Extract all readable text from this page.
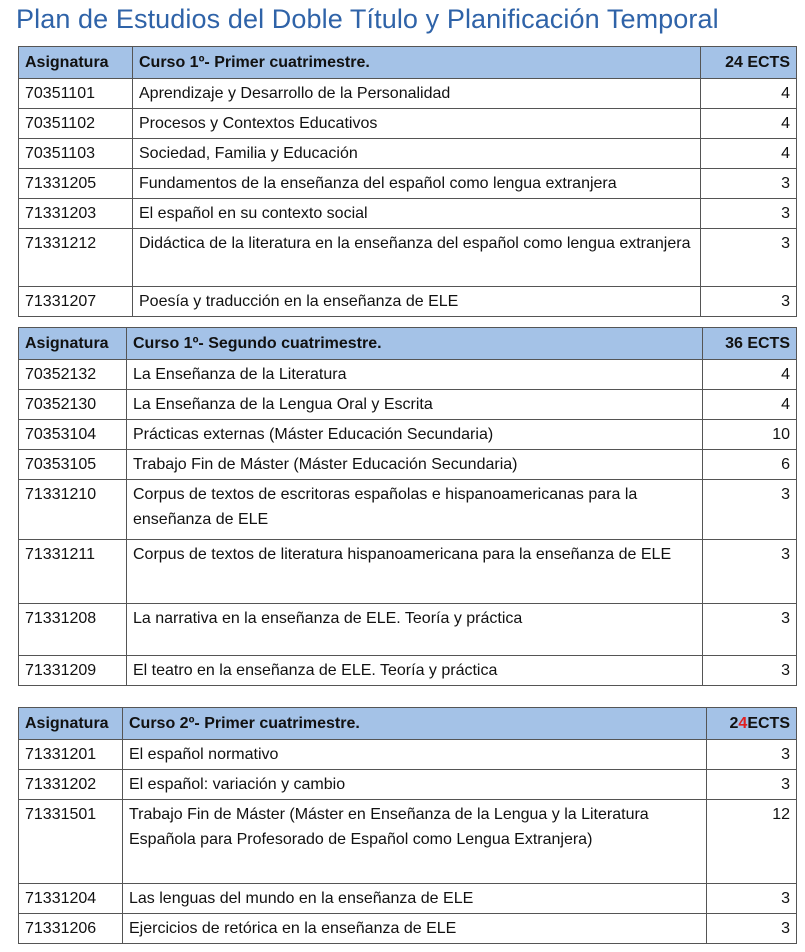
Plan de Estudios del Doble Título y Planificación Temporal
Asignatura	Curso 1º- Primer cuatrimestre.	24 ECTS
70351101	Aprendizaje y Desarrollo de la Personalidad	4
70351102	Procesos y Contextos Educativos	4
70351103	Sociedad, Familia y Educación	4
71331205	Fundamentos de la enseñanza del español como lengua extranjera	3
71331203	El español en su contexto social	3
71331212	Didáctica de la literatura en la enseñanza del español como lengua extranjera	3
71331207	Poesía y traducción en la enseñanza de ELE	3
Asignatura	Curso 1º- Segundo cuatrimestre.	36 ECTS
70352132	La Enseñanza de la Literatura	4
70352130	La Enseñanza de la Lengua Oral y Escrita	4
70353104	Prácticas externas (Máster Educación Secundaria)	10
70353105	Trabajo Fin de Máster (Máster Educación Secundaria)	6
71331210	Corpus de textos de escritoras españolas e hispanoamericanas para la enseñanza de ELE	3
71331211	Corpus de textos de literatura hispanoamericana para la enseñanza de ELE	3
71331208	La narrativa en la enseñanza de ELE. Teoría y práctica	3
71331209	El teatro en la enseñanza de ELE. Teoría y práctica	3
Asignatura	Curso 2º- Primer cuatrimestre.	24ECTS
71331201	El español normativo	3
71331202	El español: variación y cambio	3
71331501	Trabajo Fin de Máster (Máster en Enseñanza de la Lengua y la Literatura Española para Profesorado de Español como Lengua Extranjera)	12
71331204	Las lenguas del mundo en la enseñanza de ELE	3
71331206	Ejercicios de retórica en la enseñanza de ELE	3
